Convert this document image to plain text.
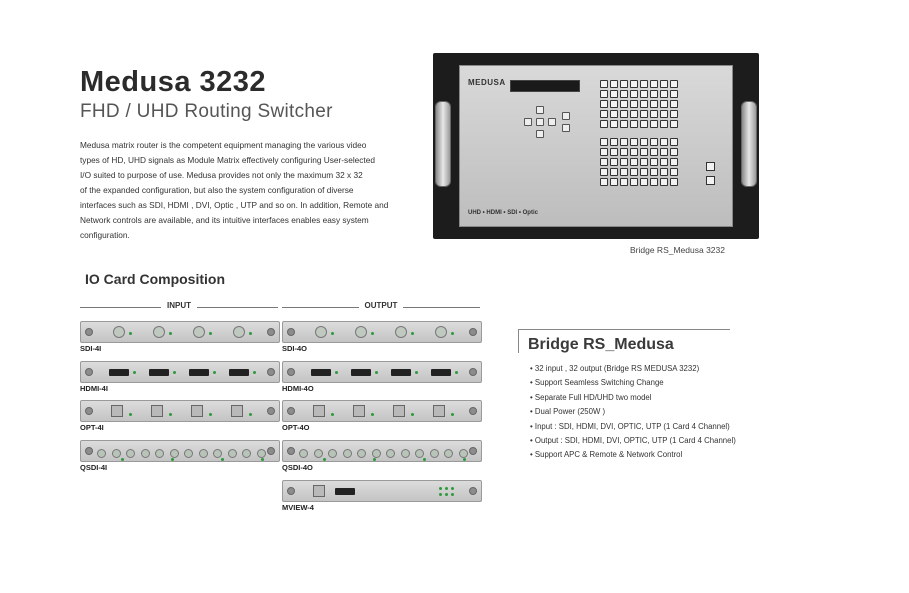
Medusa 3232
FHD / UHD Routing Switcher
Medusa matrix router is the competent equipment managing the various video
types of HD, UHD signals as Module Matrix effectively configuring User-selected
I/O suited to purpose of use. Medusa provides not only the maximum 32 x 32
of the expanded configuration, but also the system configuration of diverse
interfaces such as SDI, HDMI , DVI, Optic , UTP and so on. In addition, Remote and
Network controls are available, and its intuitive interfaces enables easy system
configuration.
MEDUSA
UHD • HDMI • SDI • Optic
Bridge RS_Medusa 3232
IO Card Composition
INPUT	OUTPUT
SDI-4I
HDMI-4I
OPT-4I
QSDI-4I
SDI-4O
HDMI-4O
OPT-4O
QSDI-4O
MVIEW-4
Bridge RS_Medusa
• 32 input , 32 output (Bridge RS MEDUSA 3232)
• Support Seamless Switching Change
• Separate Full HD/UHD two model
• Dual Power (250W )
• Input : SDI, HDMI, DVI, OPTIC, UTP (1 Card 4 Channel)
• Output : SDI, HDMI, DVI, OPTIC, UTP (1 Card 4 Channel)
• Support APC & Remote & Network Control
